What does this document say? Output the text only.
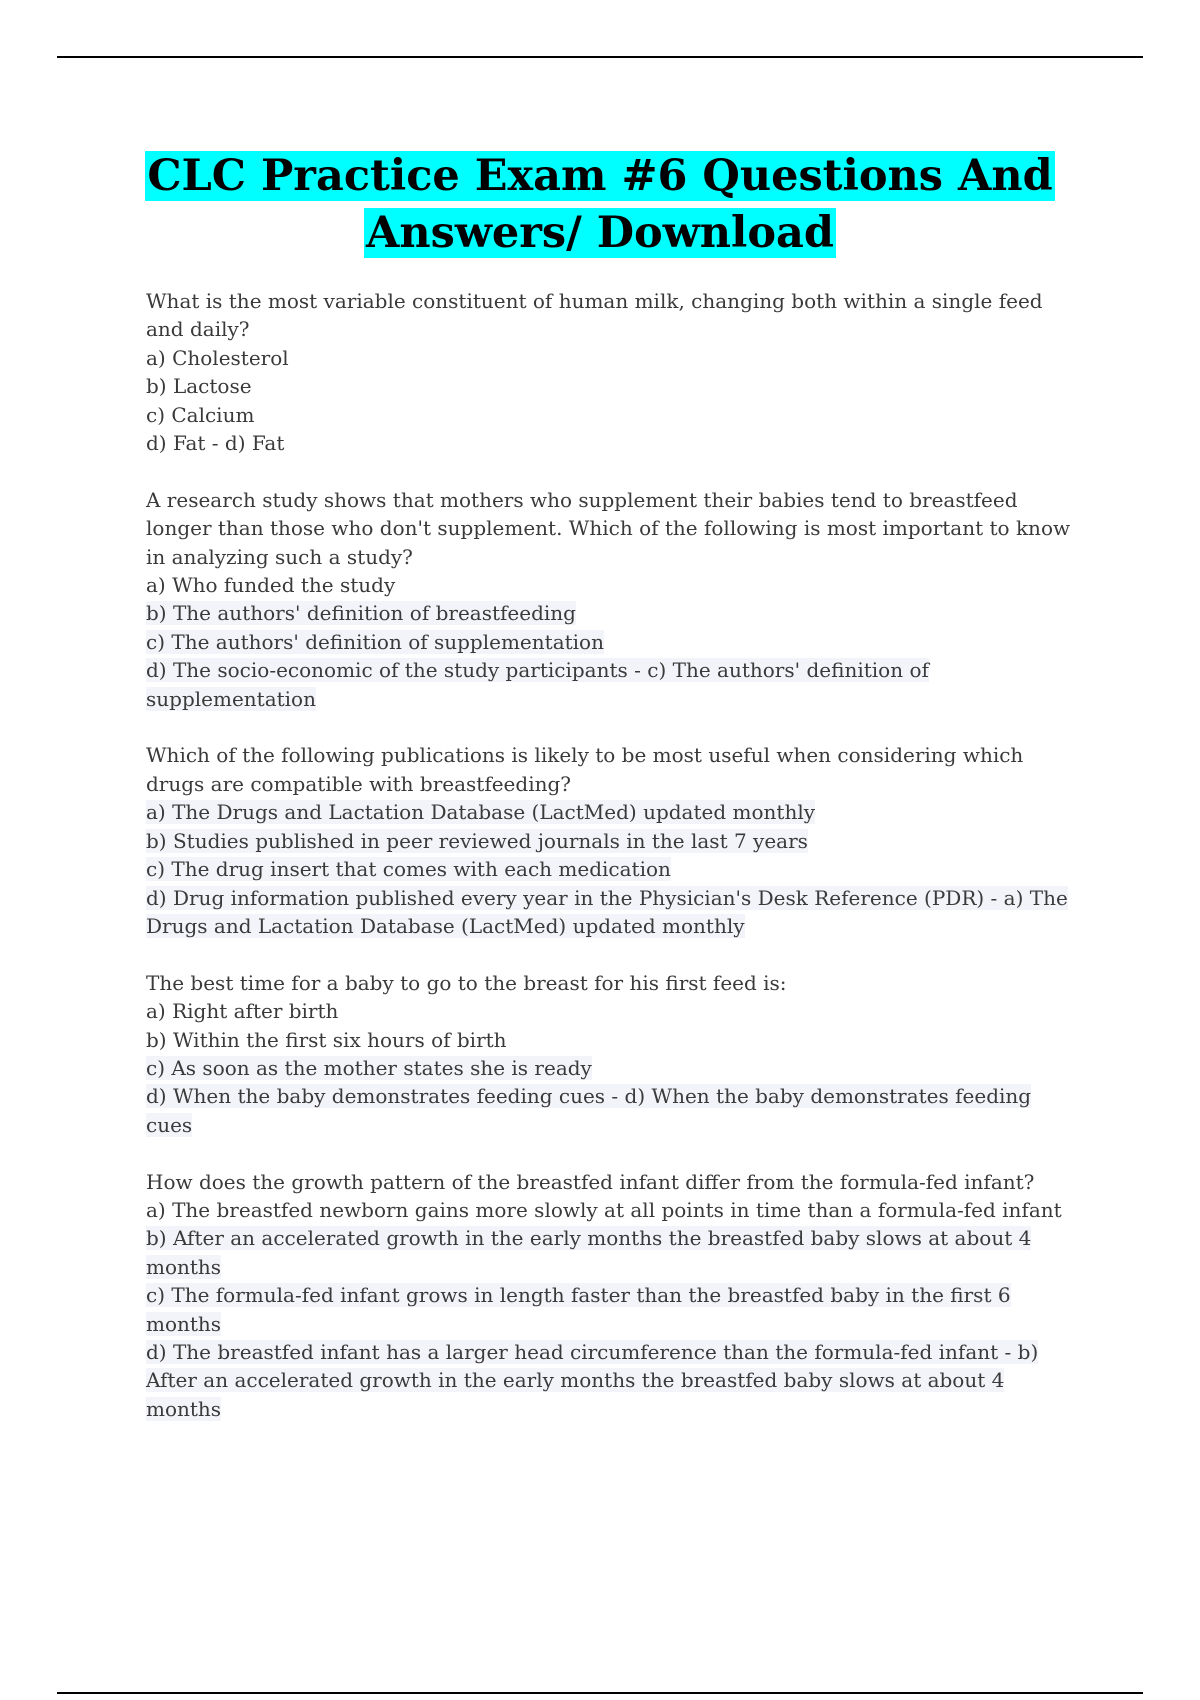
CLC Practice Exam #6 Questions And
Answers/ Download
What is the most variable constituent of human milk, changing both within a single feed
and daily?
a) Cholesterol
b) Lactose
c) Calcium
d) Fat - d) Fat
A research study shows that mothers who supplement their babies tend to breastfeed
longer than those who don't supplement. Which of the following is most important to know
in analyzing such a study?
a) Who funded the study
b) The authors' definition of breastfeeding
c) The authors' definition of supplementation
d) The socio-economic of the study participants - c) The authors' definition of
supplementation
Which of the following publications is likely to be most useful when considering which
drugs are compatible with breastfeeding?
a) The Drugs and Lactation Database (LactMed) updated monthly
b) Studies published in peer reviewed journals in the last 7 years
c) The drug insert that comes with each medication
d) Drug information published every year in the Physician's Desk Reference (PDR) - a) The
Drugs and Lactation Database (LactMed) updated monthly
The best time for a baby to go to the breast for his first feed is:
a) Right after birth
b) Within the first six hours of birth
c) As soon as the mother states she is ready
d) When the baby demonstrates feeding cues - d) When the baby demonstrates feeding
cues
How does the growth pattern of the breastfed infant differ from the formula-fed infant?
a) The breastfed newborn gains more slowly at all points in time than a formula-fed infant
b) After an accelerated growth in the early months the breastfed baby slows at about 4
months
c) The formula-fed infant grows in length faster than the breastfed baby in the first 6
months
d) The breastfed infant has a larger head circumference than the formula-fed infant - b)
After an accelerated growth in the early months the breastfed baby slows at about 4
months
